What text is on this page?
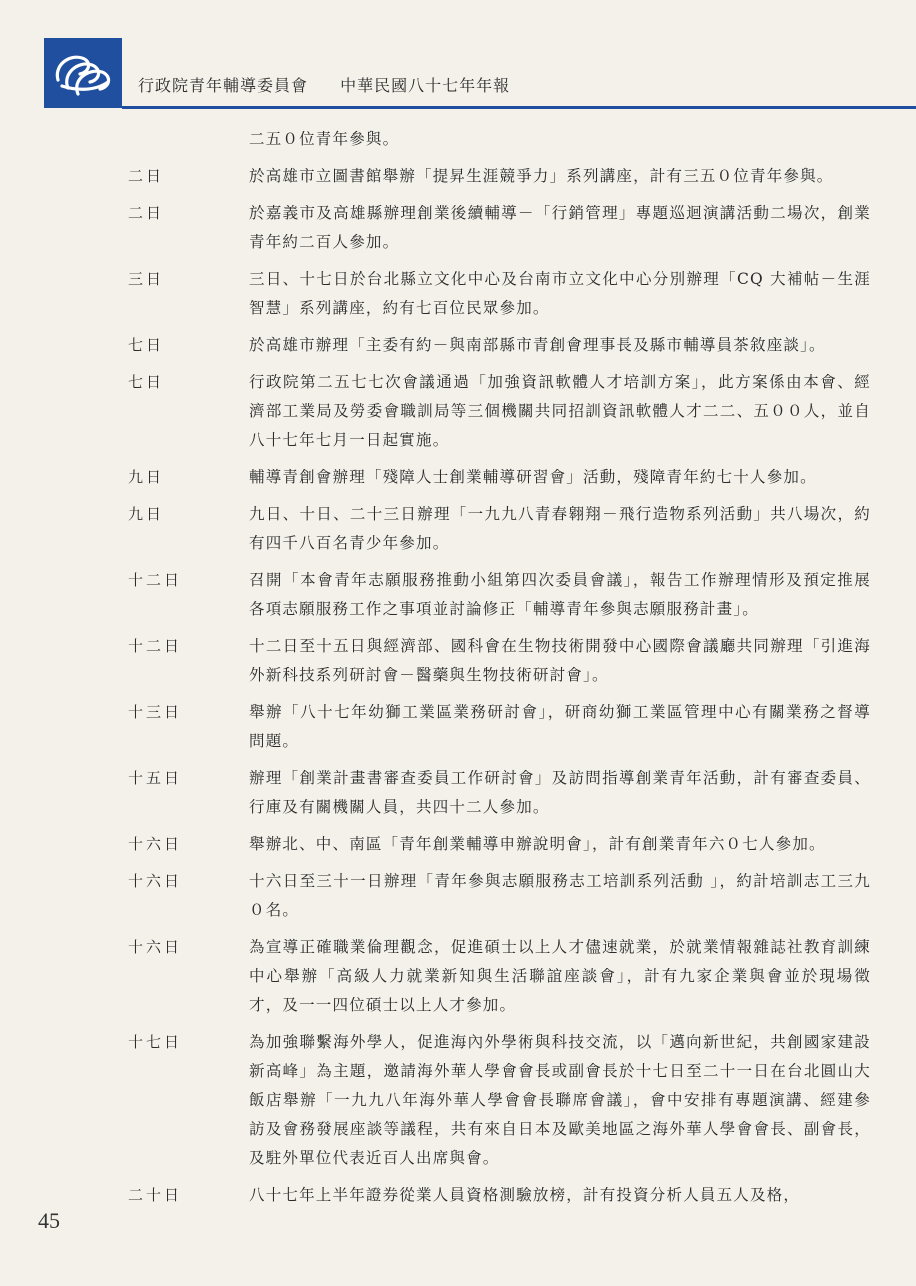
行政院青年輔導委員會 中華民國八十七年年報
二五０位青年參與。
二日	於高雄市立圖書館舉辦「提昇生涯競爭力」系列講座，計有三五０位青年參與。
二日	於嘉義市及高雄縣辦理創業後續輔導－「行銷管理」專題巡迴演講活動二場次，創業青年約二百人參加。
三日	三日、十七日於台北縣立文化中心及台南市立文化中心分別辦理「CQ 大補帖－生涯智慧」系列講座，約有七百位民眾參加。
七日	於高雄市辦理「主委有約－與南部縣市青創會理事長及縣市輔導員茶敘座談」。
七日	行政院第二五七七次會議通過「加強資訊軟體人才培訓方案」，此方案係由本會、經濟部工業局及勞委會職訓局等三個機關共同招訓資訊軟體人才二二、五００人，並自八十七年七月一日起實施。
九日	輔導青創會辦理「殘障人士創業輔導研習會」活動，殘障青年約七十人參加。
九日	九日、十日、二十三日辦理「一九九八青春翱翔－飛行造物系列活動」共八場次，約有四千八百名青少年參加。
十二日	召開「本會青年志願服務推動小組第四次委員會議」，報告工作辦理情形及預定推展各項志願服務工作之事項並討論修正「輔導青年參與志願服務計畫」。
十二日	十二日至十五日與經濟部、國科會在生物技術開發中心國際會議廳共同辦理「引進海外新科技系列研討會－醫藥與生物技術研討會」。
十三日	舉辦「八十七年幼獅工業區業務研討會」，研商幼獅工業區管理中心有關業務之督導問題。
十五日	辦理「創業計畫書審查委員工作研討會」及訪問指導創業青年活動，計有審查委員、行庫及有關機關人員，共四十二人參加。
十六日	舉辦北、中、南區「青年創業輔導申辦說明會」，計有創業青年六０七人參加。
十六日	十六日至三十一日辦理「青年參與志願服務志工培訓系列活動 」，約計培訓志工三九０名。
十六日	為宣導正確職業倫理觀念，促進碩士以上人才儘速就業，於就業情報雜誌社教育訓練中心舉辦「高級人力就業新知與生活聯誼座談會」，計有九家企業與會並於現場徵才，及一一四位碩士以上人才參加。
十七日	為加強聯繫海外學人，促進海內外學術與科技交流，以「邁向新世紀，共創國家建設新高峰」為主題，邀請海外華人學會會長或副會長於十七日至二十一日在台北圓山大飯店舉辦「一九九八年海外華人學會會長聯席會議」，會中安排有專題演講、經建參訪及會務發展座談等議程，共有來自日本及歐美地區之海外華人學會會長、副會長，及駐外單位代表近百人出席與會。
二十日	八十七年上半年證券從業人員資格測驗放榜，計有投資分析人員五人及格，
45
